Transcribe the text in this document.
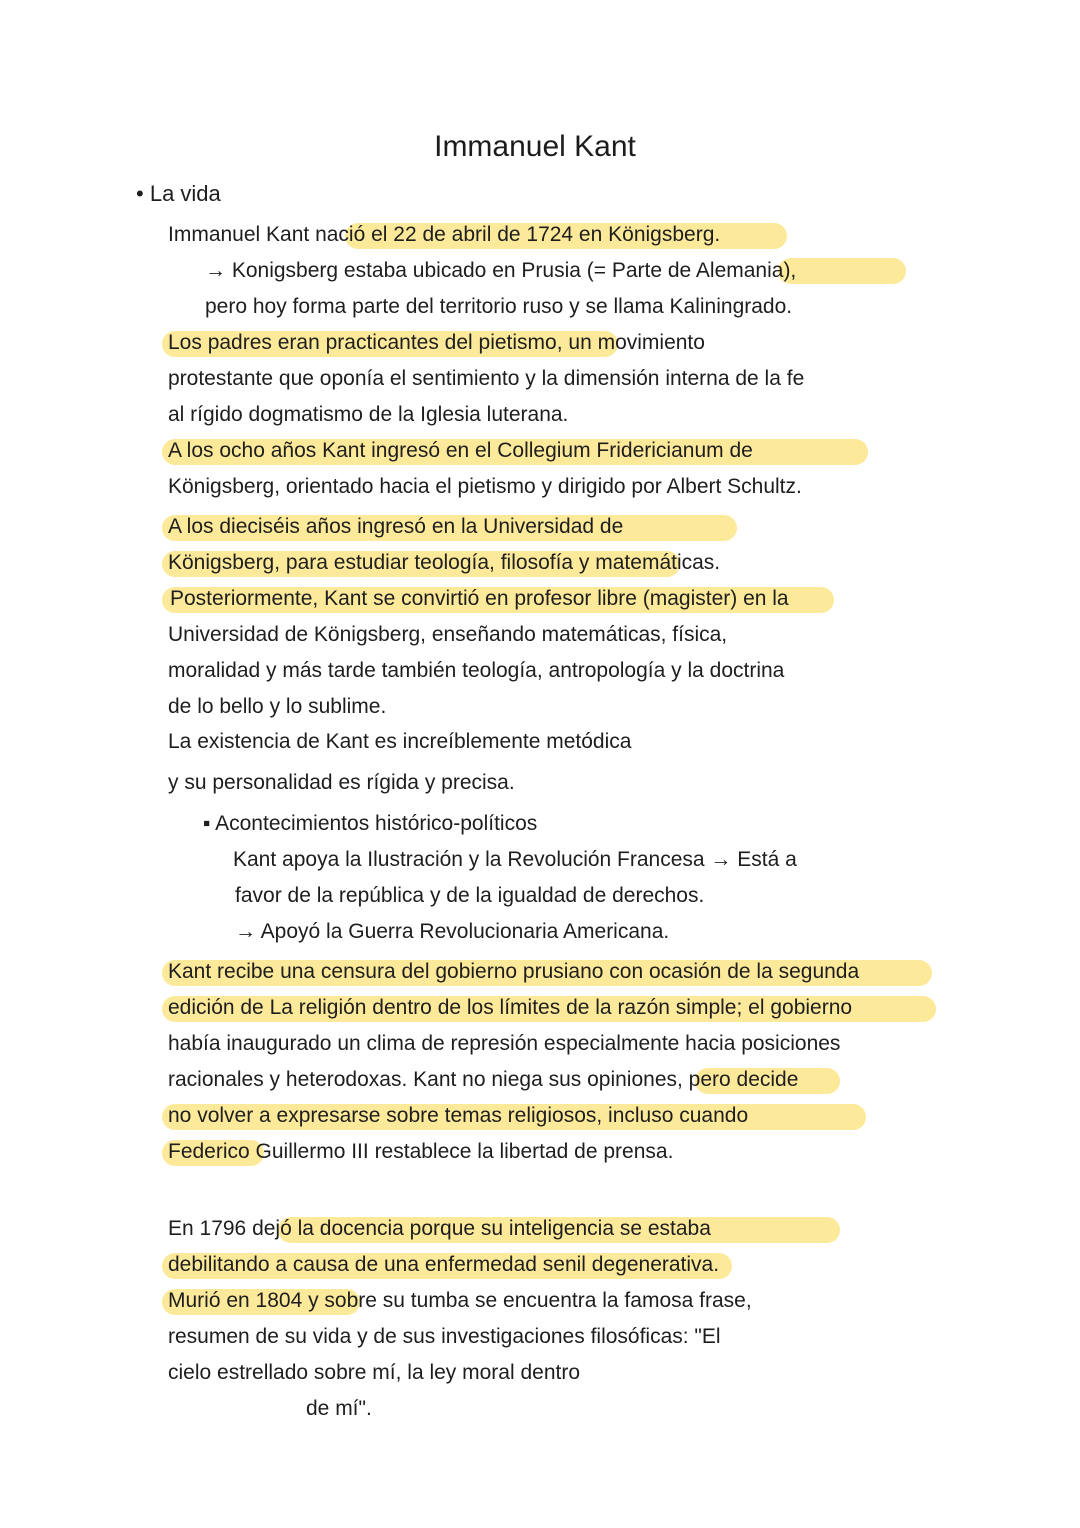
Immanuel Kant
• La vida
Immanuel Kant nació el 22 de abril de 1724 en Königsberg.
→ Konigsberg estaba ubicado en Prusia (= Parte de Alemania),
pero hoy forma parte del territorio ruso y se llama Kaliningrado.
Los padres eran practicantes del pietismo, un movimiento
protestante que oponía el sentimiento y la dimensión interna de la fe
al rígido dogmatismo de la Iglesia luterana.
A los ocho años Kant ingresó en el Collegium Fridericianum de
Königsberg, orientado hacia el pietismo y dirigido por Albert Schultz.
A los dieciséis años ingresó en la Universidad de
Königsberg, para estudiar teología, filosofía y matemáticas.
Posteriormente, Kant se convirtió en profesor libre (magister) en la
Universidad de Königsberg, enseñando matemáticas, física,
moralidad y más tarde también teología, antropología y la doctrina
de lo bello y lo sublime.
La existencia de Kant es increíblemente metódica
y su personalidad es rígida y precisa.
▪ Acontecimientos histórico-políticos
Kant apoya la Ilustración y la Revolución Francesa → Está a
favor de la república y de la igualdad de derechos.
→ Apoyó la Guerra Revolucionaria Americana.
Kant recibe una censura del gobierno prusiano con ocasión de la segunda
edición de La religión dentro de los límites de la razón simple; el gobierno
había inaugurado un clima de represión especialmente hacia posiciones
racionales y heterodoxas. Kant no niega sus opiniones, pero decide
no volver a expresarse sobre temas religiosos, incluso cuando
Federico Guillermo III restablece la libertad de prensa.
En 1796 dejó la docencia porque su inteligencia se estaba
debilitando a causa de una enfermedad senil degenerativa.
Murió en 1804 y sobre su tumba se encuentra la famosa frase,
resumen de su vida y de sus investigaciones filosóficas: "El
cielo estrellado sobre mí, la ley moral dentro
de mí".
